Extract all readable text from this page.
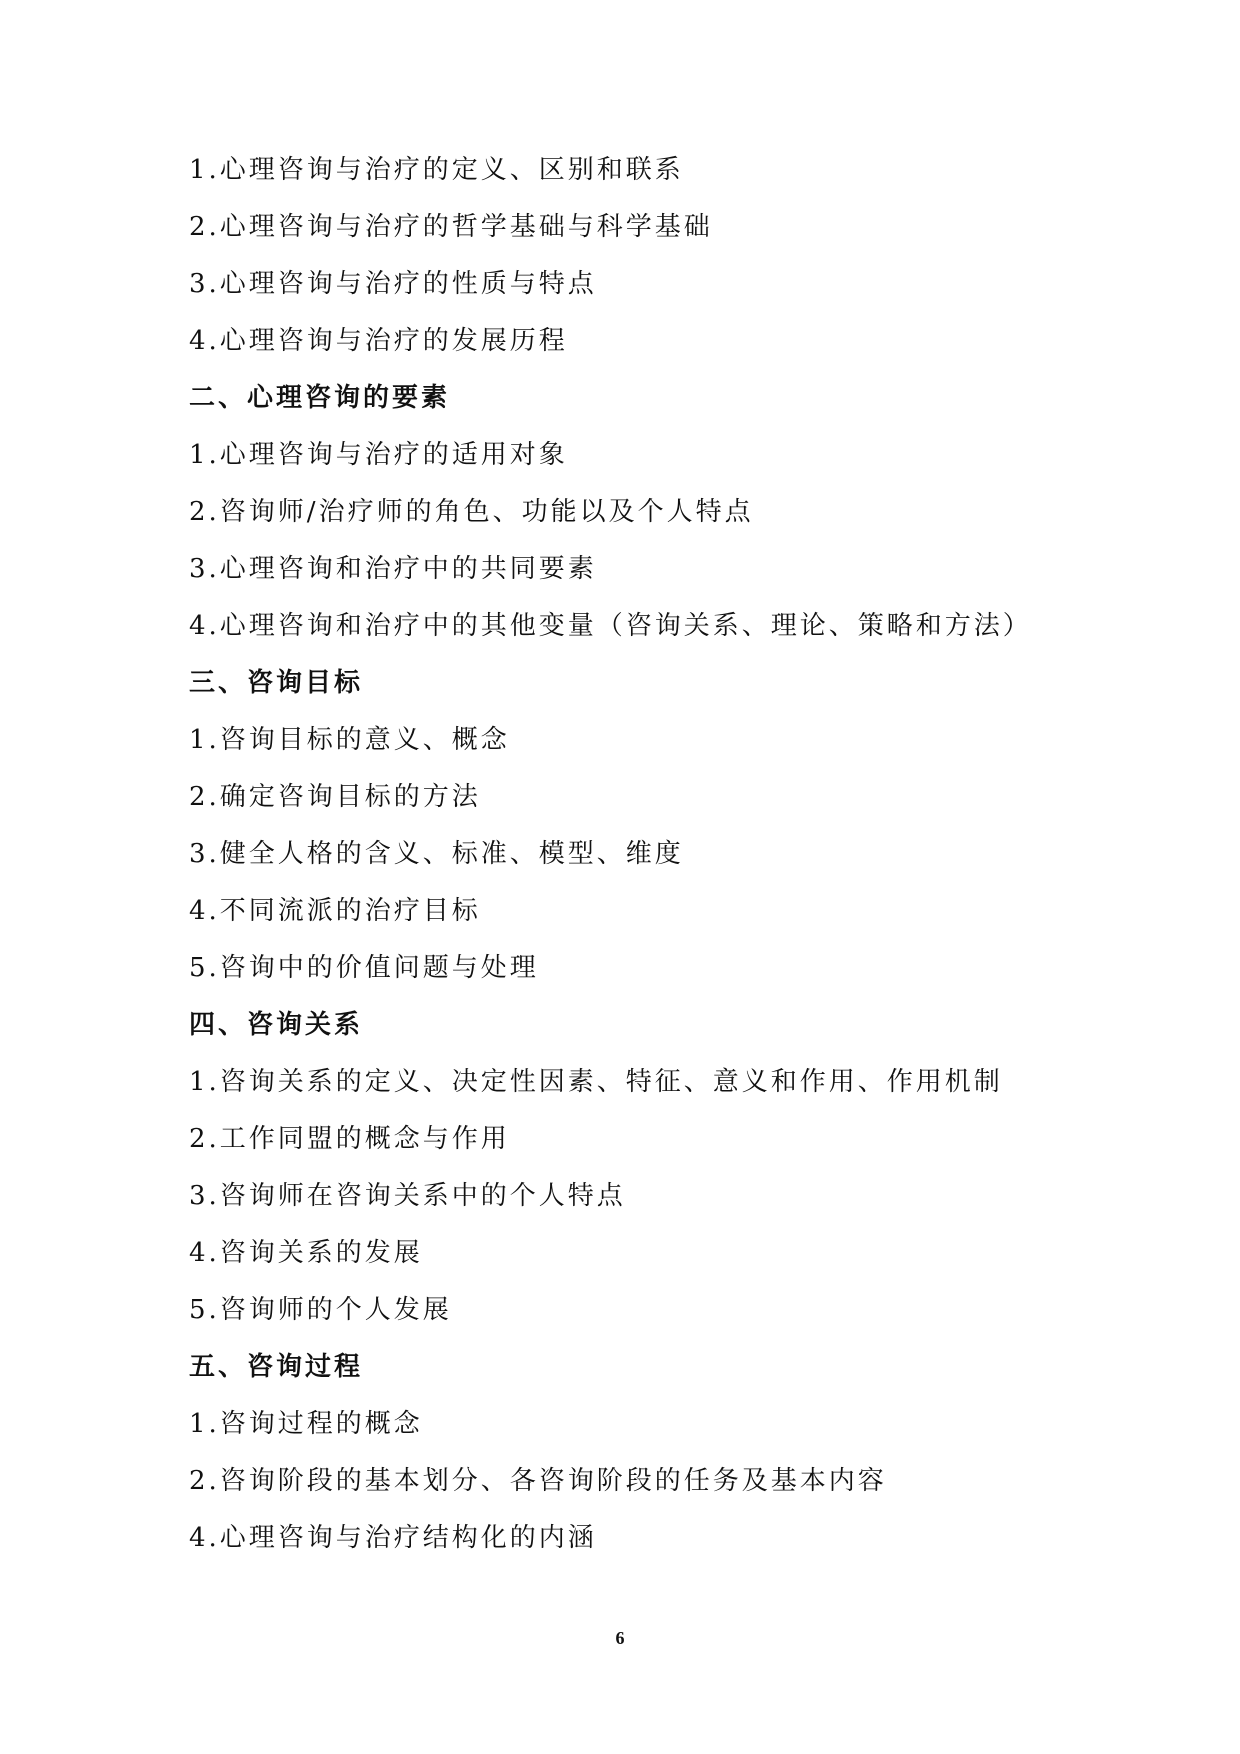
1.心理咨询与治疗的定义、区别和联系
2.心理咨询与治疗的哲学基础与科学基础
3.心理咨询与治疗的性质与特点
4.心理咨询与治疗的发展历程
二、心理咨询的要素
1.心理咨询与治疗的适用对象
2.咨询师/治疗师的角色、功能以及个人特点
3.心理咨询和治疗中的共同要素
4.心理咨询和治疗中的其他变量（咨询关系、理论、策略和方法）
三、咨询目标
1.咨询目标的意义、概念
2.确定咨询目标的方法
3.健全人格的含义、标准、模型、维度
4.不同流派的治疗目标
5.咨询中的价值问题与处理
四、咨询关系
1.咨询关系的定义、决定性因素、特征、意义和作用、作用机制
2.工作同盟的概念与作用
3.咨询师在咨询关系中的个人特点
4.咨询关系的发展
5.咨询师的个人发展
五、咨询过程
1.咨询过程的概念
2.咨询阶段的基本划分、各咨询阶段的任务及基本内容
4.心理咨询与治疗结构化的内涵
6
